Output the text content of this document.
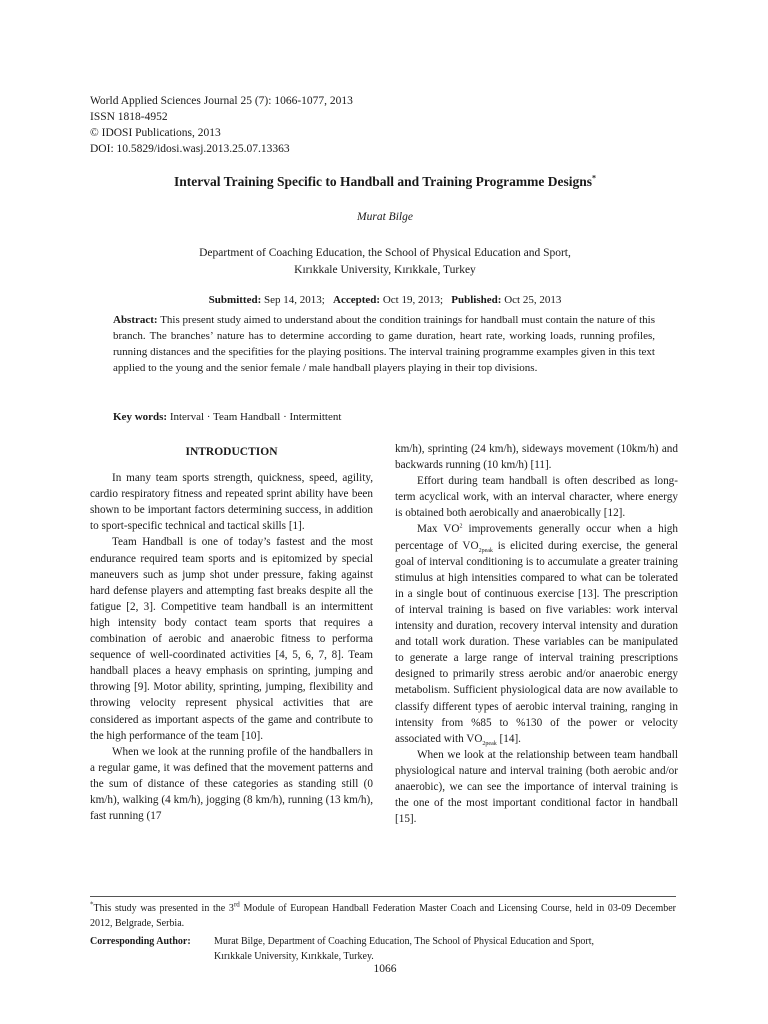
World Applied Sciences Journal 25 (7): 1066-1077, 2013
ISSN 1818-4952
© IDOSI Publications, 2013
DOI: 10.5829/idosi.wasj.2013.25.07.13363
Interval Training Specific to Handball and Training Programme Designs*
Murat Bilge
Department of Coaching Education, the School of Physical Education and Sport,
Kırıkkale University, Kırıkkale, Turkey
Submitted: Sep 14, 2013; Accepted: Oct 19, 2013; Published: Oct 25, 2013
Abstract: This present study aimed to understand about the condition trainings for handball must contain the nature of this branch. The branches’ nature has to determine according to game duration, heart rate, working loads, running profiles, running distances and the specifities for the playing positions. The interval training programme examples given in this text applied to the young and the senior female / male handball players playing in their top divisions.
Key words: Interval · Team Handball · Intermittent
INTRODUCTION

In many team sports strength, quickness, speed, agility, cardio respiratory fitness and repeated sprint ability have been shown to be important factors determining success, in addition to sport-specific technical and tactical skills [1].

Team Handball is one of today’s fastest and the most endurance required team sports and is epitomized by special maneuvers such as jump shot under pressure, faking against hard defense players and attempting fast breaks despite all the fatigue [2, 3]. Competitive team handball is an intermittent high intensity body contact team sports that requires a combination of aerobic and anaerobic fitness to performa sequence of well-coordinated activities [4, 5, 6, 7, 8]. Team handball places a heavy emphasis on sprinting, jumping and throwing [9]. Motor ability, sprinting, jumping, flexibility and throwing velocity represent physical activities that are considered as important aspects of the game and contribute to the high performance of the team [10].

When we look at the running profile of the handballers in a regular game, it was defined that the movement patterns and the sum of distance of these categories as standing still (0 km/h), walking (4 km/h), jogging (8 km/h), running (13 km/h), fast running (17

km/h), sprinting (24 km/h), sideways movement (10km/h) and backwards running (10 km/h) [11].

Effort during team handball is often described as long-term acyclical work, with an interval character, where energy is obtained both aerobically and anaerobically [12].

Max $VO^2$ improvements generally occur when a high percentage of $VO_{2peak}$ is elicited during exercise, the general goal of interval conditioning is to accumulate a greater training stimulus at high intensities compared to what can be tolerated in a single bout of continuous exercise [13]. The prescription of interval training is based on five variables: work interval intensity and duration, recovery interval intensity and duration and totall work duration. These variables can be manipulated to generate a large range of interval training prescriptions designed to primarily stress aerobic and/or anaerobic energy metabolism. Sufficient physiological data are now available to classify different types of aerobic interval training, ranging in intensity from %85 to %130 of the power or velocity associated with $VO_{2peak}$ [14].

When we look at the relationship between team handball physiological nature and interval training (both aerobic and/or anaerobic), we can see the importance of interval training is the one of the most important conditional factor in handball [15].

*This study was presented in the 3rd Module of European Handball Federation Master Coach and Licensing Course, held in 03-09 December 2012, Belgrade, Serbia.
Corresponding Author: Murat Bilge, Department of Coaching Education, The School of Physical Education and Sport,
Kırıkkale University, Kırıkkale, Turkey.
1066
